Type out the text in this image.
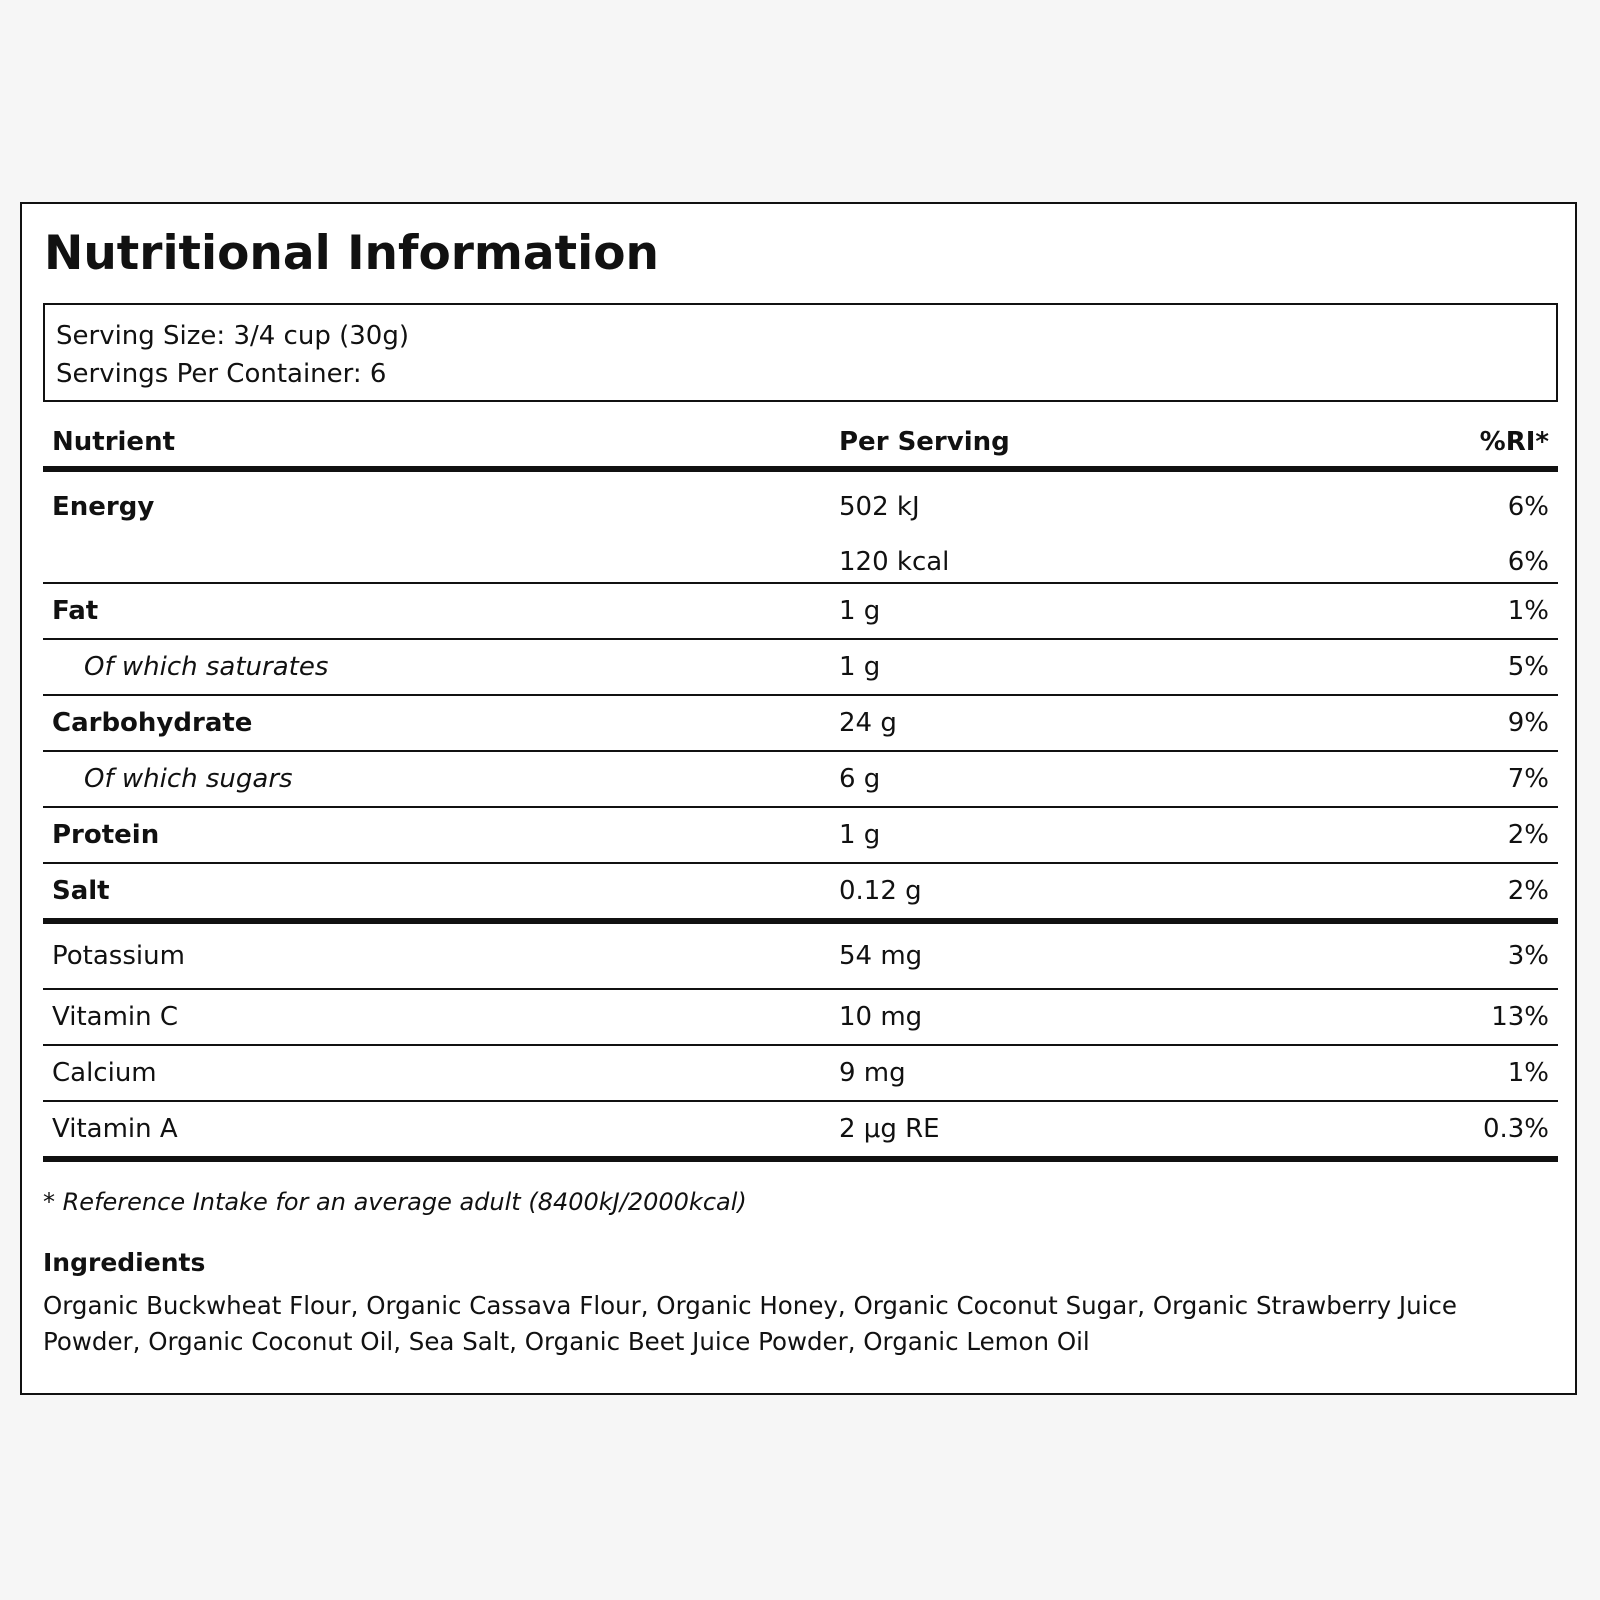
Nutritional Information
Serving Size: 3/4 cup (30g)
Servings Per Container: 6
Nutrient	Per Serving	%RI*
Energy	502 kJ	6%
	120 kcal	6%
Fat	1 g	1%
Of which saturates	1 g	5%
Carbohydrate	24 g	9%
Of which sugars	6 g	7%
Protein	1 g	2%
Salt	0.12 g	2%
Potassium	54 mg	3%
Vitamin C	10 mg	13%
Calcium	9 mg	1%
Vitamin A	2 μg RE	0.3%

* Reference Intake for an average adult (8400kJ/2000kcal)

Ingredients

Organic Buckwheat Flour, Organic Cassava Flour, Organic Honey, Organic Coconut Sugar, Organic Strawberry Juice Powder, Organic Coconut Oil, Sea Salt, Organic Beet Juice Powder, Organic Lemon Oil
